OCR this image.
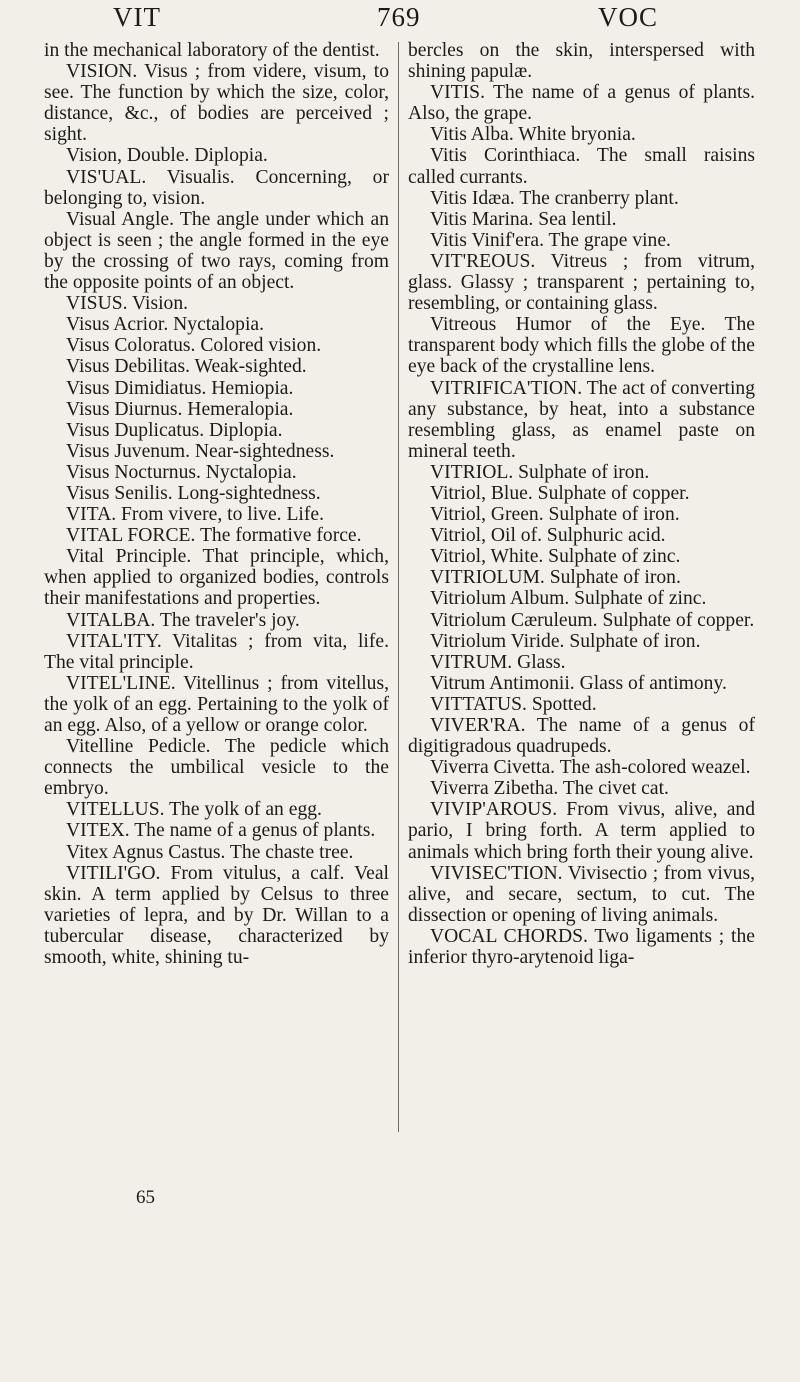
VIT	769	VOC

in the mechanical laboratory of the dentist.

VISION. Visus ; from videre, visum, to see. The function by which the size, color, distance, &c., of bodies are perceived ; sight.

Vision, Double. Diplopia.

VIS'UAL. Visualis. Concerning, or belonging to, vision.

Visual Angle. The angle under which an object is seen ; the angle formed in the eye by the crossing of two rays, coming from the opposite points of an object.

VISUS. Vision.

Visus Acrior. Nyctalopia.

Visus Coloratus. Colored vision.

Visus Debilitas. Weak-sighted.

Visus Dimidiatus. Hemiopia.

Visus Diurnus. Hemeralopia.

Visus Duplicatus. Diplopia.

Visus Juvenum. Near-sightedness.

Visus Nocturnus. Nyctalopia.

Visus Senilis. Long-sightedness.

VITA. From vivere, to live. Life.

VITAL FORCE. The formative force.

Vital Principle. That principle, which, when applied to organized bodies, controls their manifestations and properties.

VITALBA. The traveler's joy.

VITAL'ITY. Vitalitas ; from vita, life. The vital principle.

VITEL'LINE. Vitellinus ; from vitellus, the yolk of an egg. Pertaining to the yolk of an egg. Also, of a yellow or orange color.

Vitelline Pedicle. The pedicle which connects the umbilical vesicle to the embryo.

VITELLUS. The yolk of an egg.

VITEX. The name of a genus of plants.

Vitex Agnus Castus. The chaste tree.

VITILI'GO. From vitulus, a calf. Veal skin. A term applied by Celsus to three varieties of lepra, and by Dr. Willan to a tubercular disease, characterized by smooth, white, shining tu-

bercles on the skin, interspersed with shining papulæ.

VITIS. The name of a genus of plants. Also, the grape.

Vitis Alba. White bryonia.

Vitis Corinthiaca. The small raisins called currants.

Vitis Idæa. The cranberry plant.

Vitis Marina. Sea lentil.

Vitis Vinif'era. The grape vine.

VIT'REOUS. Vitreus ; from vitrum, glass. Glassy ; transparent ; pertaining to, resembling, or containing glass.

Vitreous Humor of the Eye. The transparent body which fills the globe of the eye back of the crystalline lens.

VITRIFICA'TION. The act of converting any substance, by heat, into a substance resembling glass, as enamel paste on mineral teeth.

VITRIOL. Sulphate of iron.

Vitriol, Blue. Sulphate of copper.

Vitriol, Green. Sulphate of iron.

Vitriol, Oil of. Sulphuric acid.

Vitriol, White. Sulphate of zinc.

VITRIOLUM. Sulphate of iron.

Vitriolum Album. Sulphate of zinc.

Vitriolum Cæruleum. Sulphate of copper.

Vitriolum Viride. Sulphate of iron.

VITRUM. Glass.

Vitrum Antimonii. Glass of antimony.

VITTATUS. Spotted.

VIVER'RA. The name of a genus of digitigradous quadrupeds.

Viverra Civetta. The ash-colored weazel.

Viverra Zibetha. The civet cat.

VIVIP'AROUS. From vivus, alive, and pario, I bring forth. A term applied to animals which bring forth their young alive.

VIVISEC'TION. Vivisectio ; from vivus, alive, and secare, sectum, to cut. The dissection or opening of living animals.

VOCAL CHORDS. Two ligaments ; the inferior thyro-arytenoid liga-

65
